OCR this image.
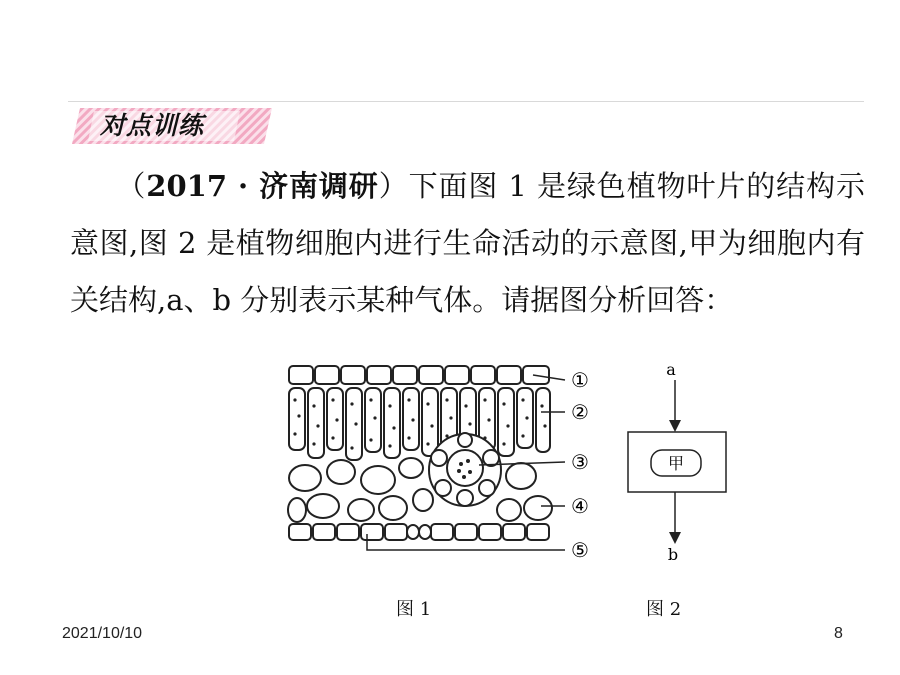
对点训练

（2017 · 济南调研）下面图 1 是绿色植物叶片的结构示意图,图 2 是植物细胞内进行生命活动的示意图,甲为细胞内有关结构,a、b 分别表示某种气体。请据图分析回答：

①
②
③
④
⑤
a
甲
b
图 1	图 2
2021/10/10	8
